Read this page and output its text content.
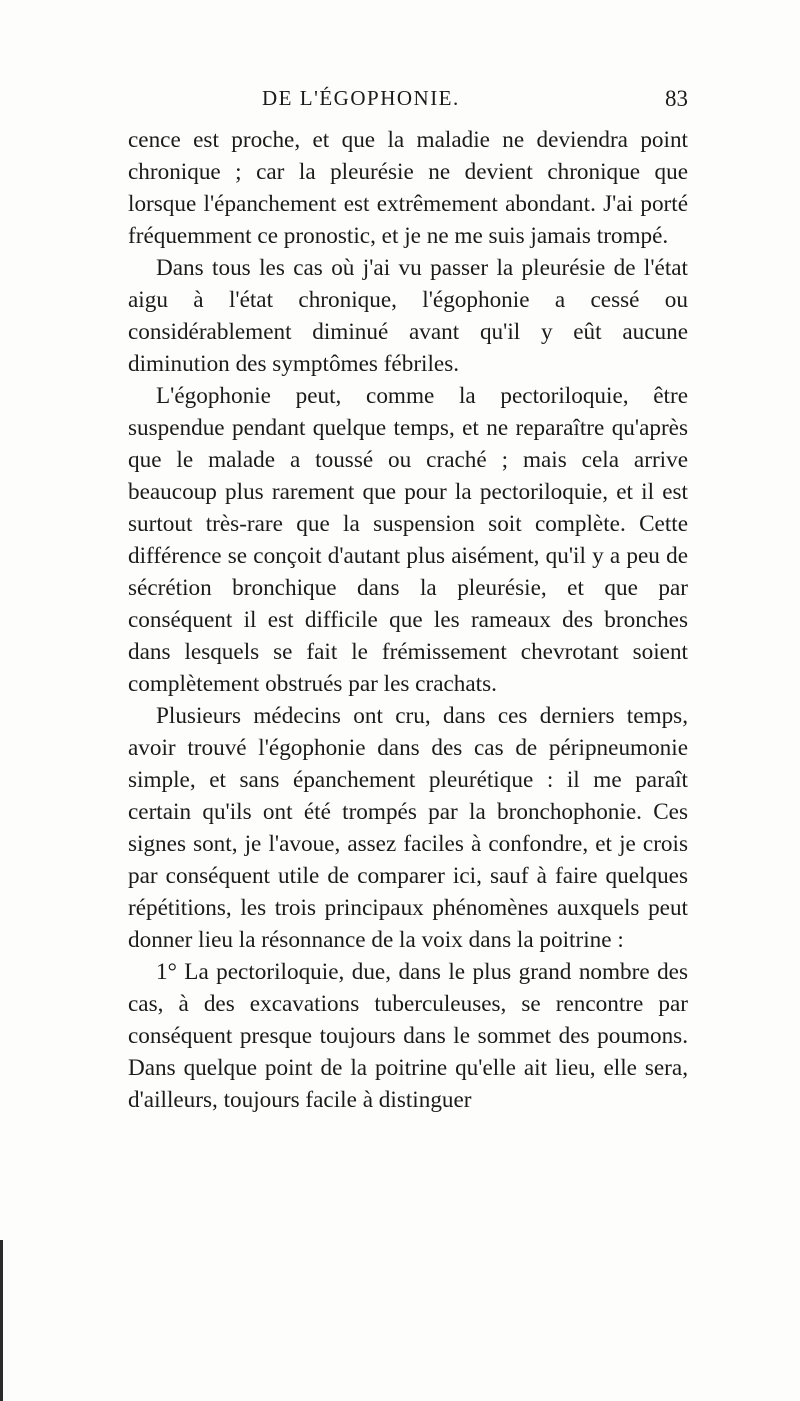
DE L'ÉGOPHONIE.	83

cence est proche, et que la maladie ne deviendra point chronique ; car la pleurésie ne devient chronique que lorsque l'épanchement est extrêmement abondant. J'ai porté fréquemment ce pronostic, et je ne me suis jamais trompé.

Dans tous les cas où j'ai vu passer la pleurésie de l'état aigu à l'état chronique, l'égophonie a cessé ou considérablement diminué avant qu'il y eût aucune diminution des symptômes fébriles.

L'égophonie peut, comme la pectoriloquie, être suspendue pendant quelque temps, et ne reparaître qu'après que le malade a toussé ou craché ; mais cela arrive beaucoup plus rarement que pour la pectoriloquie, et il est surtout très-rare que la suspension soit complète. Cette différence se conçoit d'autant plus aisément, qu'il y a peu de sécrétion bronchique dans la pleurésie, et que par conséquent il est difficile que les rameaux des bronches dans lesquels se fait le frémissement chevrotant soient complètement obstrués par les crachats.

Plusieurs médecins ont cru, dans ces derniers temps, avoir trouvé l'égophonie dans des cas de péripneumonie simple, et sans épanchement pleurétique : il me paraît certain qu'ils ont été trompés par la bronchophonie. Ces signes sont, je l'avoue, assez faciles à confondre, et je crois par conséquent utile de comparer ici, sauf à faire quelques répétitions, les trois principaux phénomènes auxquels peut donner lieu la résonnance de la voix dans la poitrine :

1° La pectoriloquie, due, dans le plus grand nombre des cas, à des excavations tuberculeuses, se rencontre par conséquent presque toujours dans le sommet des poumons. Dans quelque point de la poitrine qu'elle ait lieu, elle sera, d'ailleurs, toujours facile à distinguer
